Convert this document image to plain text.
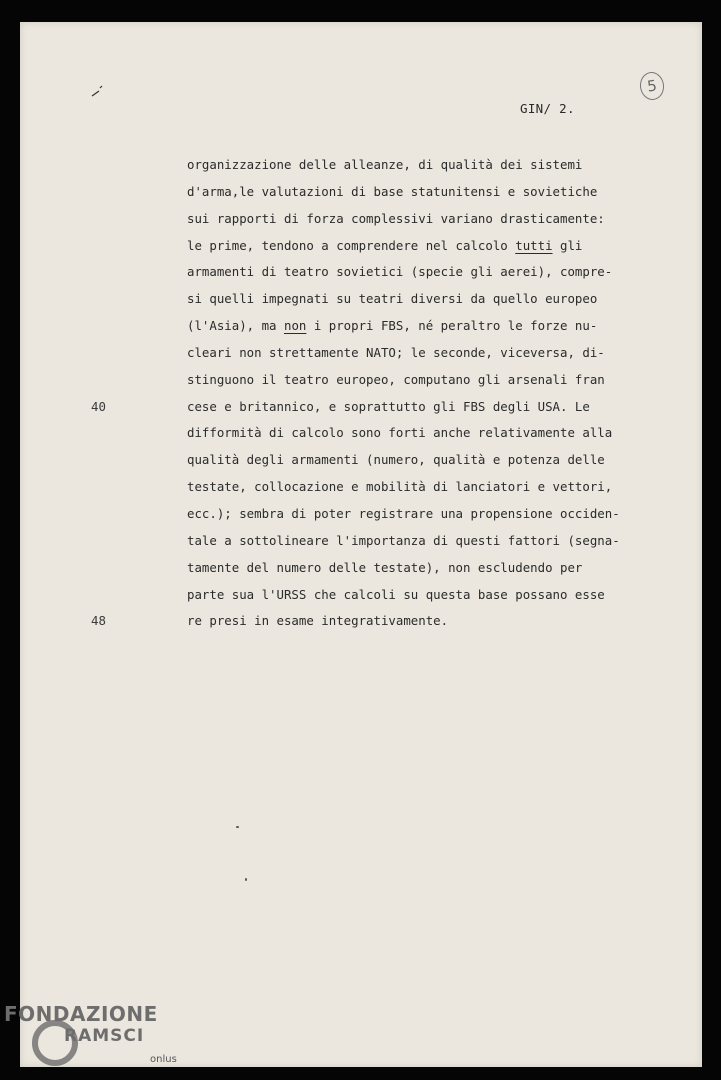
5
GIN/ 2.
organizzazione delle alleanze, di qualità dei sistemi
d'arma,le valutazioni di base statunitensi e sovietiche
sui rapporti di forza complessivi variano drasticamente:
le prime, tendono a comprendere nel calcolo tutti gli
armamenti di teatro sovietici (specie gli aerei), compre-
si quelli impegnati su teatri diversi da quello europeo
(l'Asia), ma non i propri FBS, né peraltro le forze nu-
cleari non strettamente NATO; le seconde, viceversa, di-
stinguono il teatro europeo, computano gli arsenali fran
cese e britannico, e soprattutto gli FBS degli USA. Le
difformità di calcolo sono forti anche relativamente alla
qualità degli armamenti (numero, qualità e potenza delle
testate, collocazione e mobilità di lanciatori e vettori,
ecc.); sembra di poter registrare una propensione occiden-
tale a sottolineare l'importanza di questi fattori (segna-
tamente del numero delle testate), non escludendo per
parte sua l'URSS che calcoli su questa base possano esse
re presi in esame integrativamente.
40
48
FONDAZIONE
RAMSCI
onlus
